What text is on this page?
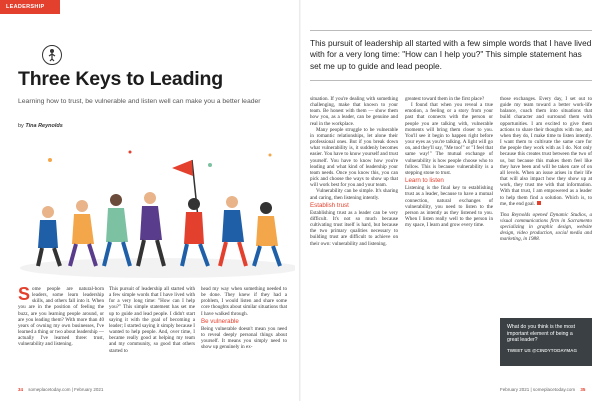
LEADERSHIP
Three Keys to Leading
Learning how to trust, be vulnerable and listen well can make you a better leader
by Tina Reynolds
Some people are natural-born leaders, some learn leadership skills, and others fall into it. When you are in the position of feeling the buzz, are you learning people around, or are you leading them? With more than 40 years of owning my own businesses, I've learned a thing or two about leadership — actually I've learned three: trust, vulnerability and listening.
This pursuit of leadership all started with a few simple words that I have lived with for a very long time: "How can I help you?" This simple statement has set me up to guide and lead people. I didn't start saying it with the goal of becoming a leader; I started saying it simply because I wanted to help people. And, over time, I became really good at helping my team and my community, so good that others started to

head my way when something needed to be done. They knew if they had a problem, I would listen and share some core thoughts about similar situations that I have walked through.

Be vulnerable

Being vulnerable doesn't mean you need to reveal deeply personal things about yourself. It means you simply need to show up genuinely in ex-

34 someplacetoday.com | February 2021
This pursuit of leadership all started with a few simple words that I have lived with for a very long time: "How can I help you?" This simple statement has set me up to guide and lead people.

situation. If you're dealing with something challenging, make that known to your team. Be honest with them — show them how you, as a leader, can be genuine and real in the workplace.

Many people struggle to be vulnerable in romantic relationships, let alone their professional ones. But if you break down what vulnerability is, it suddenly becomes easier. You have to know yourself and trust yourself. You have to know how you're leading and what kind of leadership your team needs. Once you know this, you can pick and choose the ways to show up that will work best for you and your team.

Vulnerability can be simple. It's sharing and caring, then listening intently.

Establish trust

Establishing trust as a leader can be very difficult. It's not so much because cultivating trust itself is hard, but because the two primary qualities necessary to building trust are difficult to achieve on their own: vulnerability and listening.

greatest toward them in the first place?

I found that when you reveal a true emotion, a feeling or a story from your past that connects with the person or people you are talking with, vulnerable moments will bring them closer to you. You'll see it begin to happen right before your eyes as you're talking. A light will go on, and they'll say, "Me too!" or "I feel that same way!" The mutual exchange of vulnerability is how people choose who to follow. This is because vulnerability is a stepping stone to trust.

Learn to listen

Listening is the final key to establishing trust as a leader, because to have a mutual connection, natural exchanges of vulnerability, you need to listen to the person as intently as they listened to you. When I listen really well to the person in my space, I learn and grow every time.

those exchanges. Every day, I set out to guide my team toward a better work-life balance, coach them into situations that build character and surround them with opportunities. I am excited to give them actions to share their thoughts with me, and when they do, I make time to listen intently. I want them to cultivate the same care for the people they work with as I do. Not only because this creates trust between the two of us, but because this makes them feel like they have been and will be taken care of on all levels. When an issue arises in their life that will also impact how they show up at work, they trust me with that information. With that trust, I am empowered as a leader to help them find a solution. Which is, to me, the end goal.

Tina Reynolds opened Dynamic Studios, a visual communications firm in Sacramento specializing in graphic design, website design, video production, social media and marketing, in 1988.

What do you think is the most important element of being a great leader?

TWEET US @CINDYTODAYMAG

February 2021 | someplacetoday.com 35
